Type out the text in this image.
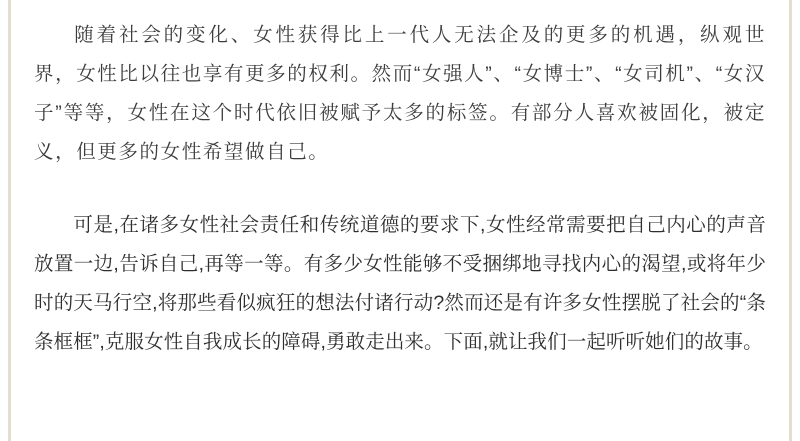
随着社会的变化、女性获得比上一代人无法企及的更多的机遇，纵观世界，女性比以往也享有更多的权利。然而“女强人”、“女博士”、“女司机”、“女汉子”等等，女性在这个时代依旧被赋予太多的标签。有部分人喜欢被固化，被定义，但更多的女性希望做自己。

可是,在诸多女性社会责任和传统道德的要求下,女性经常需要把自己内心的声音放置一边,告诉自己,再等一等。有多少女性能够不受捆绑地寻找内心的渴望,或将年少时的天马行空,将那些看似疯狂的想法付诸行动?然而还是有许多女性摆脱了社会的“条条框框”,克服女性自我成长的障碍,勇敢走出来。下面,就让我们一起听听她们的故事。
